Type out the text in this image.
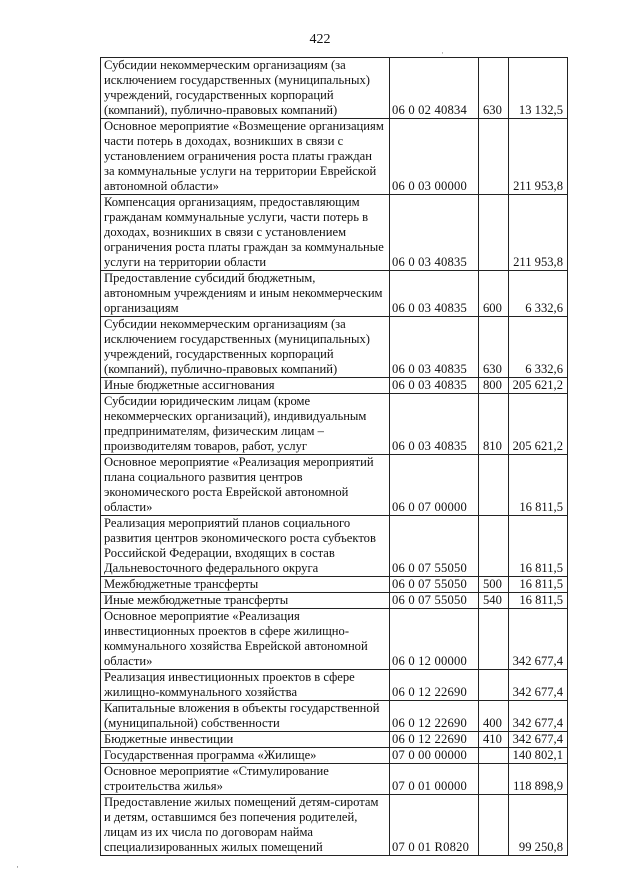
422
·
Субсидии некоммерческим организациям (за
исключением государственных (муниципальных)
учреждений, государственных корпораций
(компаний), публично-правовых компаний)	06 0 02 40834	630	13 132,5
Основное мероприятие «Возмещение организациям
части потерь в доходах, возникших в связи с
установлением ограничения роста платы граждан
за коммунальные услуги на территории Еврейской
автономной области»	06 0 03 00000		211 953,8
Компенсация организациям, предоставляющим
гражданам коммунальные услуги, части потерь в
доходах, возникших в связи с установлением
ограничения роста платы граждан за коммунальные
услуги на территории области	06 0 03 40835		211 953,8
Предоставление субсидий бюджетным,
автономным учреждениям и иным некоммерческим
организациям	06 0 03 40835	600	6 332,6
Субсидии некоммерческим организациям (за
исключением государственных (муниципальных)
учреждений, государственных корпораций
(компаний), публично-правовых компаний)	06 0 03 40835	630	6 332,6
Иные бюджетные ассигнования	06 0 03 40835	800	205 621,2
Субсидии юридическим лицам (кроме
некоммерческих организаций), индивидуальным
предпринимателям, физическим лицам –
производителям товаров, работ, услуг	06 0 03 40835	810	205 621,2
Основное мероприятие «Реализация мероприятий
плана социального развития центров
экономического роста Еврейской автономной
области»	06 0 07 00000		16 811,5
Реализация мероприятий планов социального
развития центров экономического роста субъектов
Российской Федерации, входящих в состав
Дальневосточного федерального округа	06 0 07 55050		16 811,5
Межбюджетные трансферты	06 0 07 55050	500	16 811,5
Иные межбюджетные трансферты	06 0 07 55050	540	16 811,5
Основное мероприятие «Реализация
инвестиционных проектов в сфере жилищно-
коммунального хозяйства Еврейской автономной
области»	06 0 12 00000		342 677,4
Реализация инвестиционных проектов в сфере
жилищно-коммунального хозяйства	06 0 12 22690		342 677,4
Капитальные вложения в объекты государственной
(муниципальной) собственности	06 0 12 22690	400	342 677,4
Бюджетные инвестиции	06 0 12 22690	410	342 677,4
Государственная программа «Жилище»	07 0 00 00000		140 802,1
Основное мероприятие «Стимулирование
строительства жилья»	07 0 01 00000		118 898,9
Предоставление жилых помещений детям-сиротам
и детям, оставшимся без попечения родителей,
лицам из их числа по договорам найма
специализированных жилых помещений	07 0 01 R0820		99 250,8
·
